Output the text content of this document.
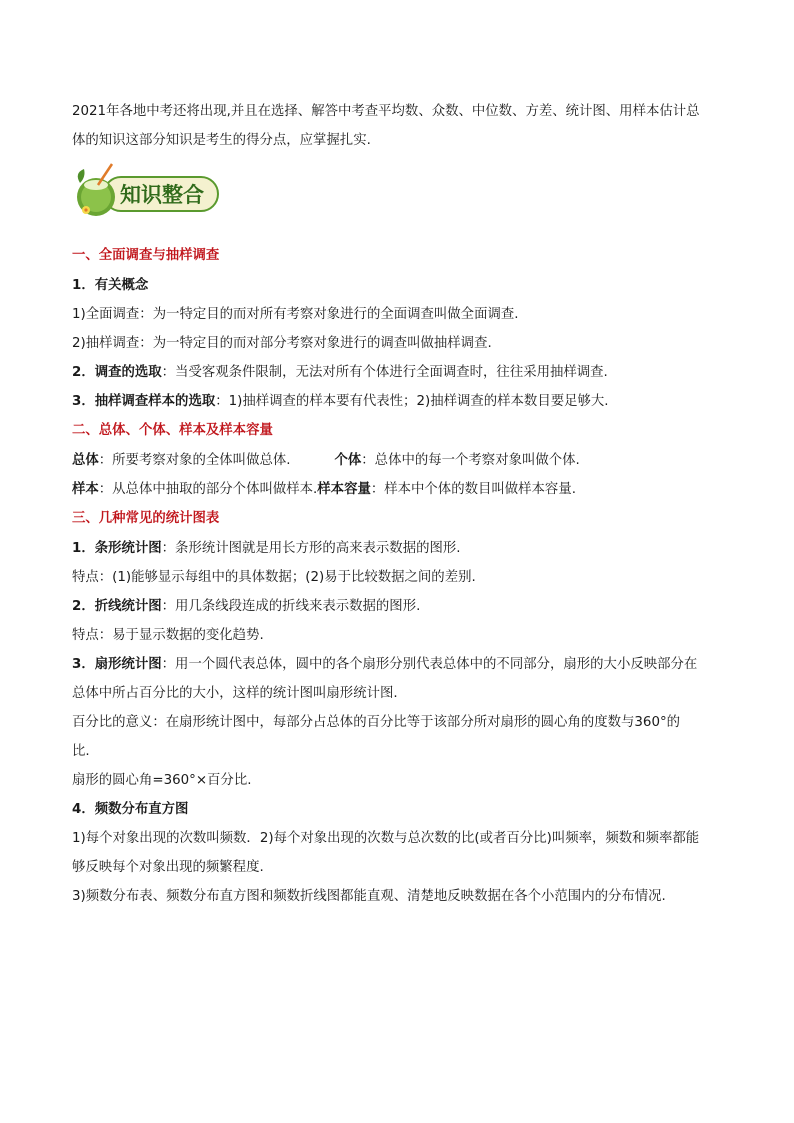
2021年各地中考还将出现,并且在选择、解答中考查平均数、众数、中位数、方差、统计图、用样本估计总
体的知识这部分知识是考生的得分点，应掌握扎实.
知识整合
一、全面调查与抽样调查
1．有关概念
1)全面调查：为一特定目的而对所有考察对象进行的全面调查叫做全面调查.
2)抽样调查：为一特定目的而对部分考察对象进行的调查叫做抽样调查.
2．调查的选取：当受客观条件限制，无法对所有个体进行全面调查时，往往采用抽样调查.
3．抽样调查样本的选取：1)抽样调查的样本要有代表性；2)抽样调查的样本数目要足够大.
二、总体、个体、样本及样本容量
总体：所要考察对象的全体叫做总体.	个体：总体中的每一个考察对象叫做个体.
样本：从总体中抽取的部分个体叫做样本.样本容量：样本中个体的数目叫做样本容量.
三、几种常见的统计图表
1．条形统计图：条形统计图就是用长方形的高来表示数据的图形.
特点：(1)能够显示每组中的具体数据；(2)易于比较数据之间的差别.
2．折线统计图：用几条线段连成的折线来表示数据的图形.
特点：易于显示数据的变化趋势.
3．扇形统计图：用一个圆代表总体，圆中的各个扇形分别代表总体中的不同部分，扇形的大小反映部分在
总体中所占百分比的大小，这样的统计图叫扇形统计图.
百分比的意义：在扇形统计图中，每部分占总体的百分比等于该部分所对扇形的圆心角的度数与360°的
比.
扇形的圆心角=360°×百分比.
4．频数分布直方图
1)每个对象出现的次数叫频数．2)每个对象出现的次数与总次数的比(或者百分比)叫频率，频数和频率都能
够反映每个对象出现的频繁程度.
3)频数分布表、频数分布直方图和频数折线图都能直观、清楚地反映数据在各个小范围内的分布情况.
